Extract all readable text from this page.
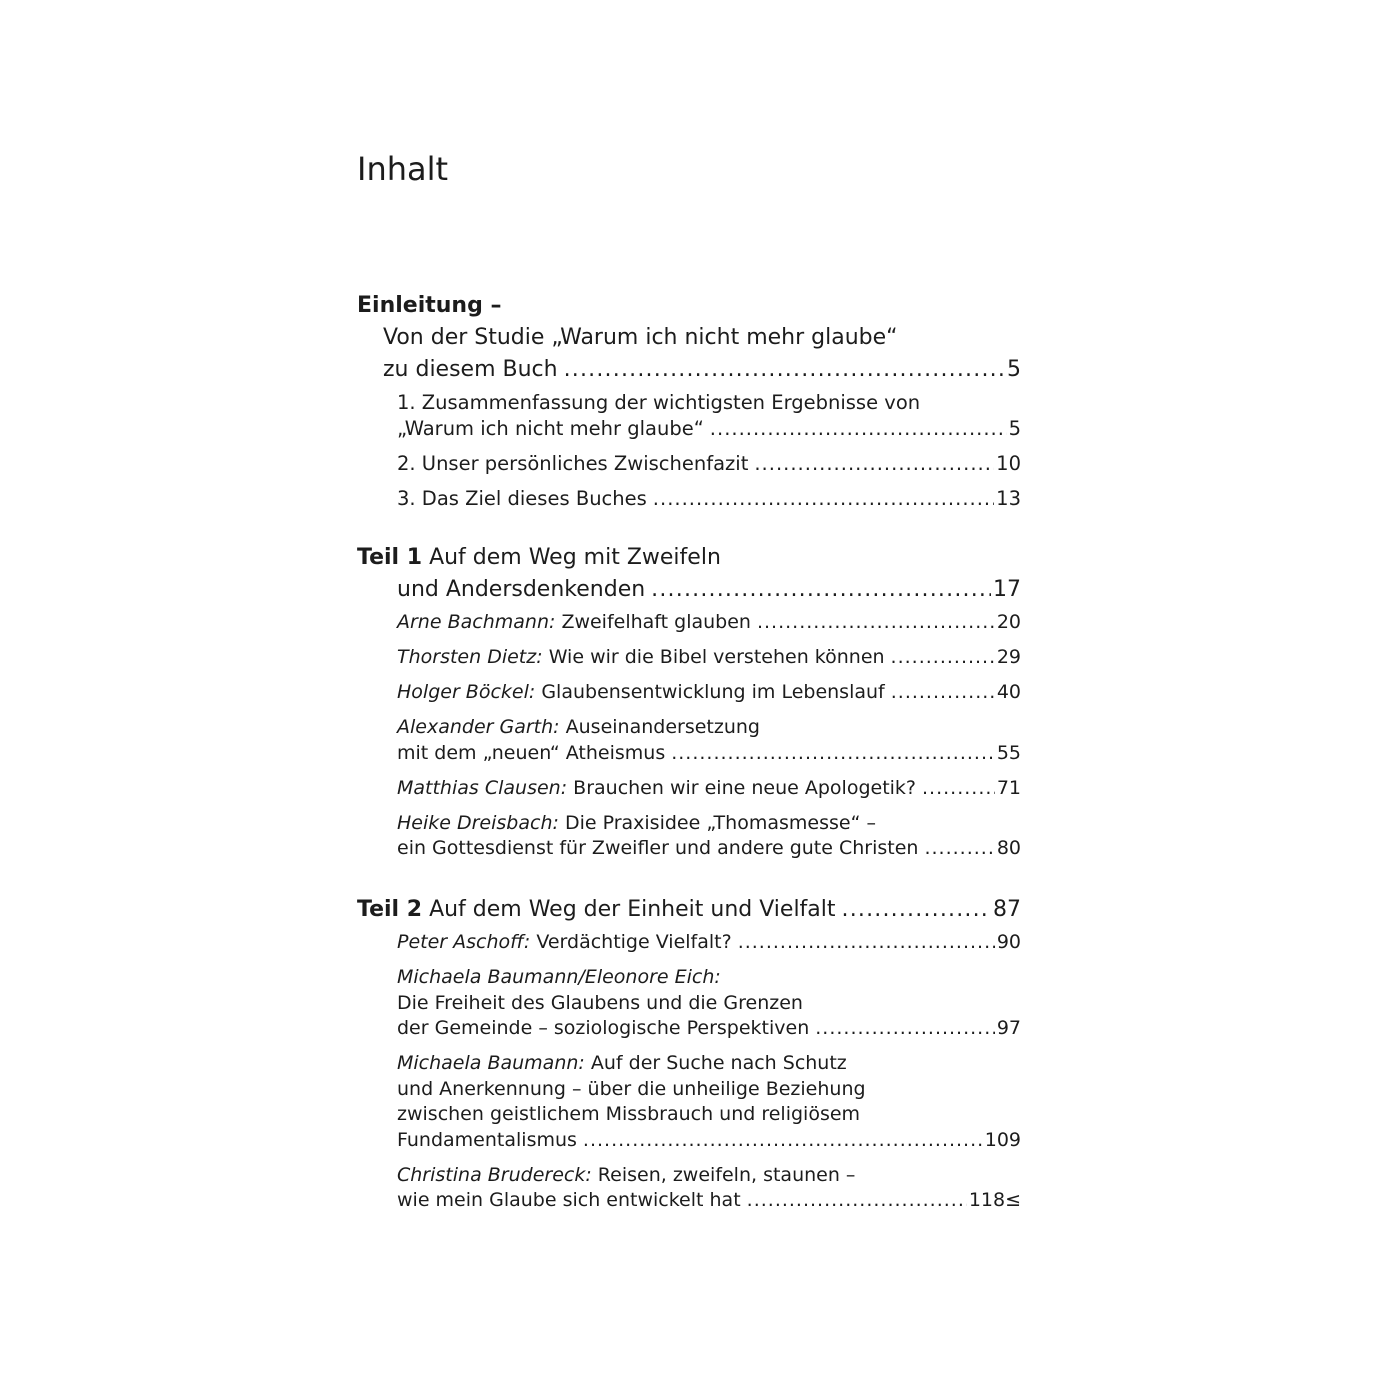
Inhalt
Einleitung –
Von der Studie „Warum ich nicht mehr glaube“
zu diesem Buch .....	5
1. Zusammenfassung der wichtigsten Ergebnisse von
„Warum ich nicht mehr glaube“ .....	5
2. Unser persönliches Zwischenfazit .....	10
3. Das Ziel dieses Buches .....	13
Teil 1 Auf dem Weg mit Zweifeln
und Andersdenkenden .....	17
Arne Bachmann: Zweifelhaft glauben .....	20
Thorsten Dietz: Wie wir die Bibel verstehen können .....	29
Holger Böckel: Glaubensentwicklung im Lebenslauf .....	40
Alexander Garth: Auseinandersetzung
mit dem „neuen“ Atheismus .....	55
Matthias Clausen: Brauchen wir eine neue Apologetik? .....	71
Heike Dreisbach: Die Praxisidee „Thomasmesse“ –
ein Gottesdienst für Zweifler und andere gute Christen .....	80
Teil 2 Auf dem Weg der Einheit und Vielfalt .....	87
Peter Aschoff: Verdächtige Vielfalt? .....	90
Michaela Baumann/Eleonore Eich:
Die Freiheit des Glaubens und die Grenzen
der Gemeinde – soziologische Perspektiven .....	97
Michaela Baumann: Auf der Suche nach Schutz
und Anerkennung – über die unheilige Beziehung
zwischen geistlichem Missbrauch und religiösem
Fundamentalismus .....	109
Christina Brudereck: Reisen, zweifeln, staunen –
wie mein Glaube sich entwickelt hat .....	118≤
